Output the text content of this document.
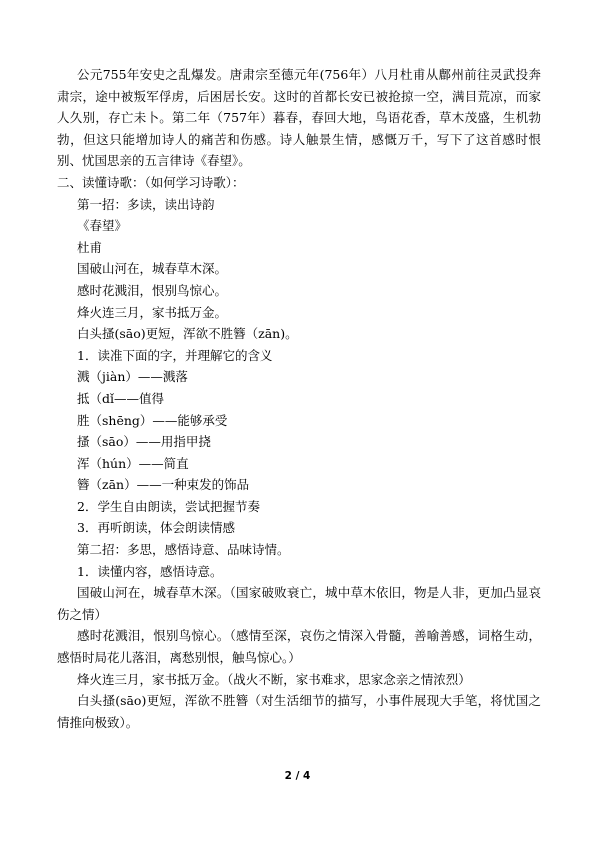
公元755年安史之乱爆发。唐肃宗至德元年(756年）八月杜甫从鄜州前往灵武投奔肃宗，途中被叛军俘虏，后困居长安。这时的首都长安已被抢掠一空，满目荒凉，而家人久别，存亡未卜。第二年（757年）暮春，春回大地，鸟语花香，草木茂盛，生机勃勃，但这只能增加诗人的痛苦和伤感。诗人触景生情，感慨万千，写下了这首感时恨别、忧国思亲的五言律诗《春望》。

二、读懂诗歌：（如何学习诗歌）：

第一招：多读，读出诗韵

《春望》

杜甫

国破山河在，城春草木深。

感时花溅泪，恨别鸟惊心。

烽火连三月，家书抵万金。

白头搔(sāo)更短，浑欲不胜簪（zān)。

1．读准下面的字，并理解它的含义

溅（jiàn）——溅落

抵（dǐ——值得

胜（shēng）——能够承受

搔（sāo）——用指甲挠

浑（hún）——简直

簪（zān）——一种束发的饰品

2．学生自由朗读，尝试把握节奏

3．再听朗读，体会朗读情感

第二招：多思，感悟诗意、品味诗情。

1．读懂内容，感悟诗意。

国破山河在，城春草木深。（国家破败衰亡，城中草木依旧，物是人非，更加凸显哀伤之情）

感时花溅泪，恨别鸟惊心。（感情至深，哀伤之情深入骨髓，善喻善感，词格生动，感悟时局花儿落泪，离愁别恨，触鸟惊心。）

烽火连三月，家书抵万金。（战火不断，家书难求，思家念亲之情浓烈）

白头搔(sāo)更短，浑欲不胜簪（对生活细节的描写，小事件展现大手笔，将忧国之情推向极致）。

2 / 4
